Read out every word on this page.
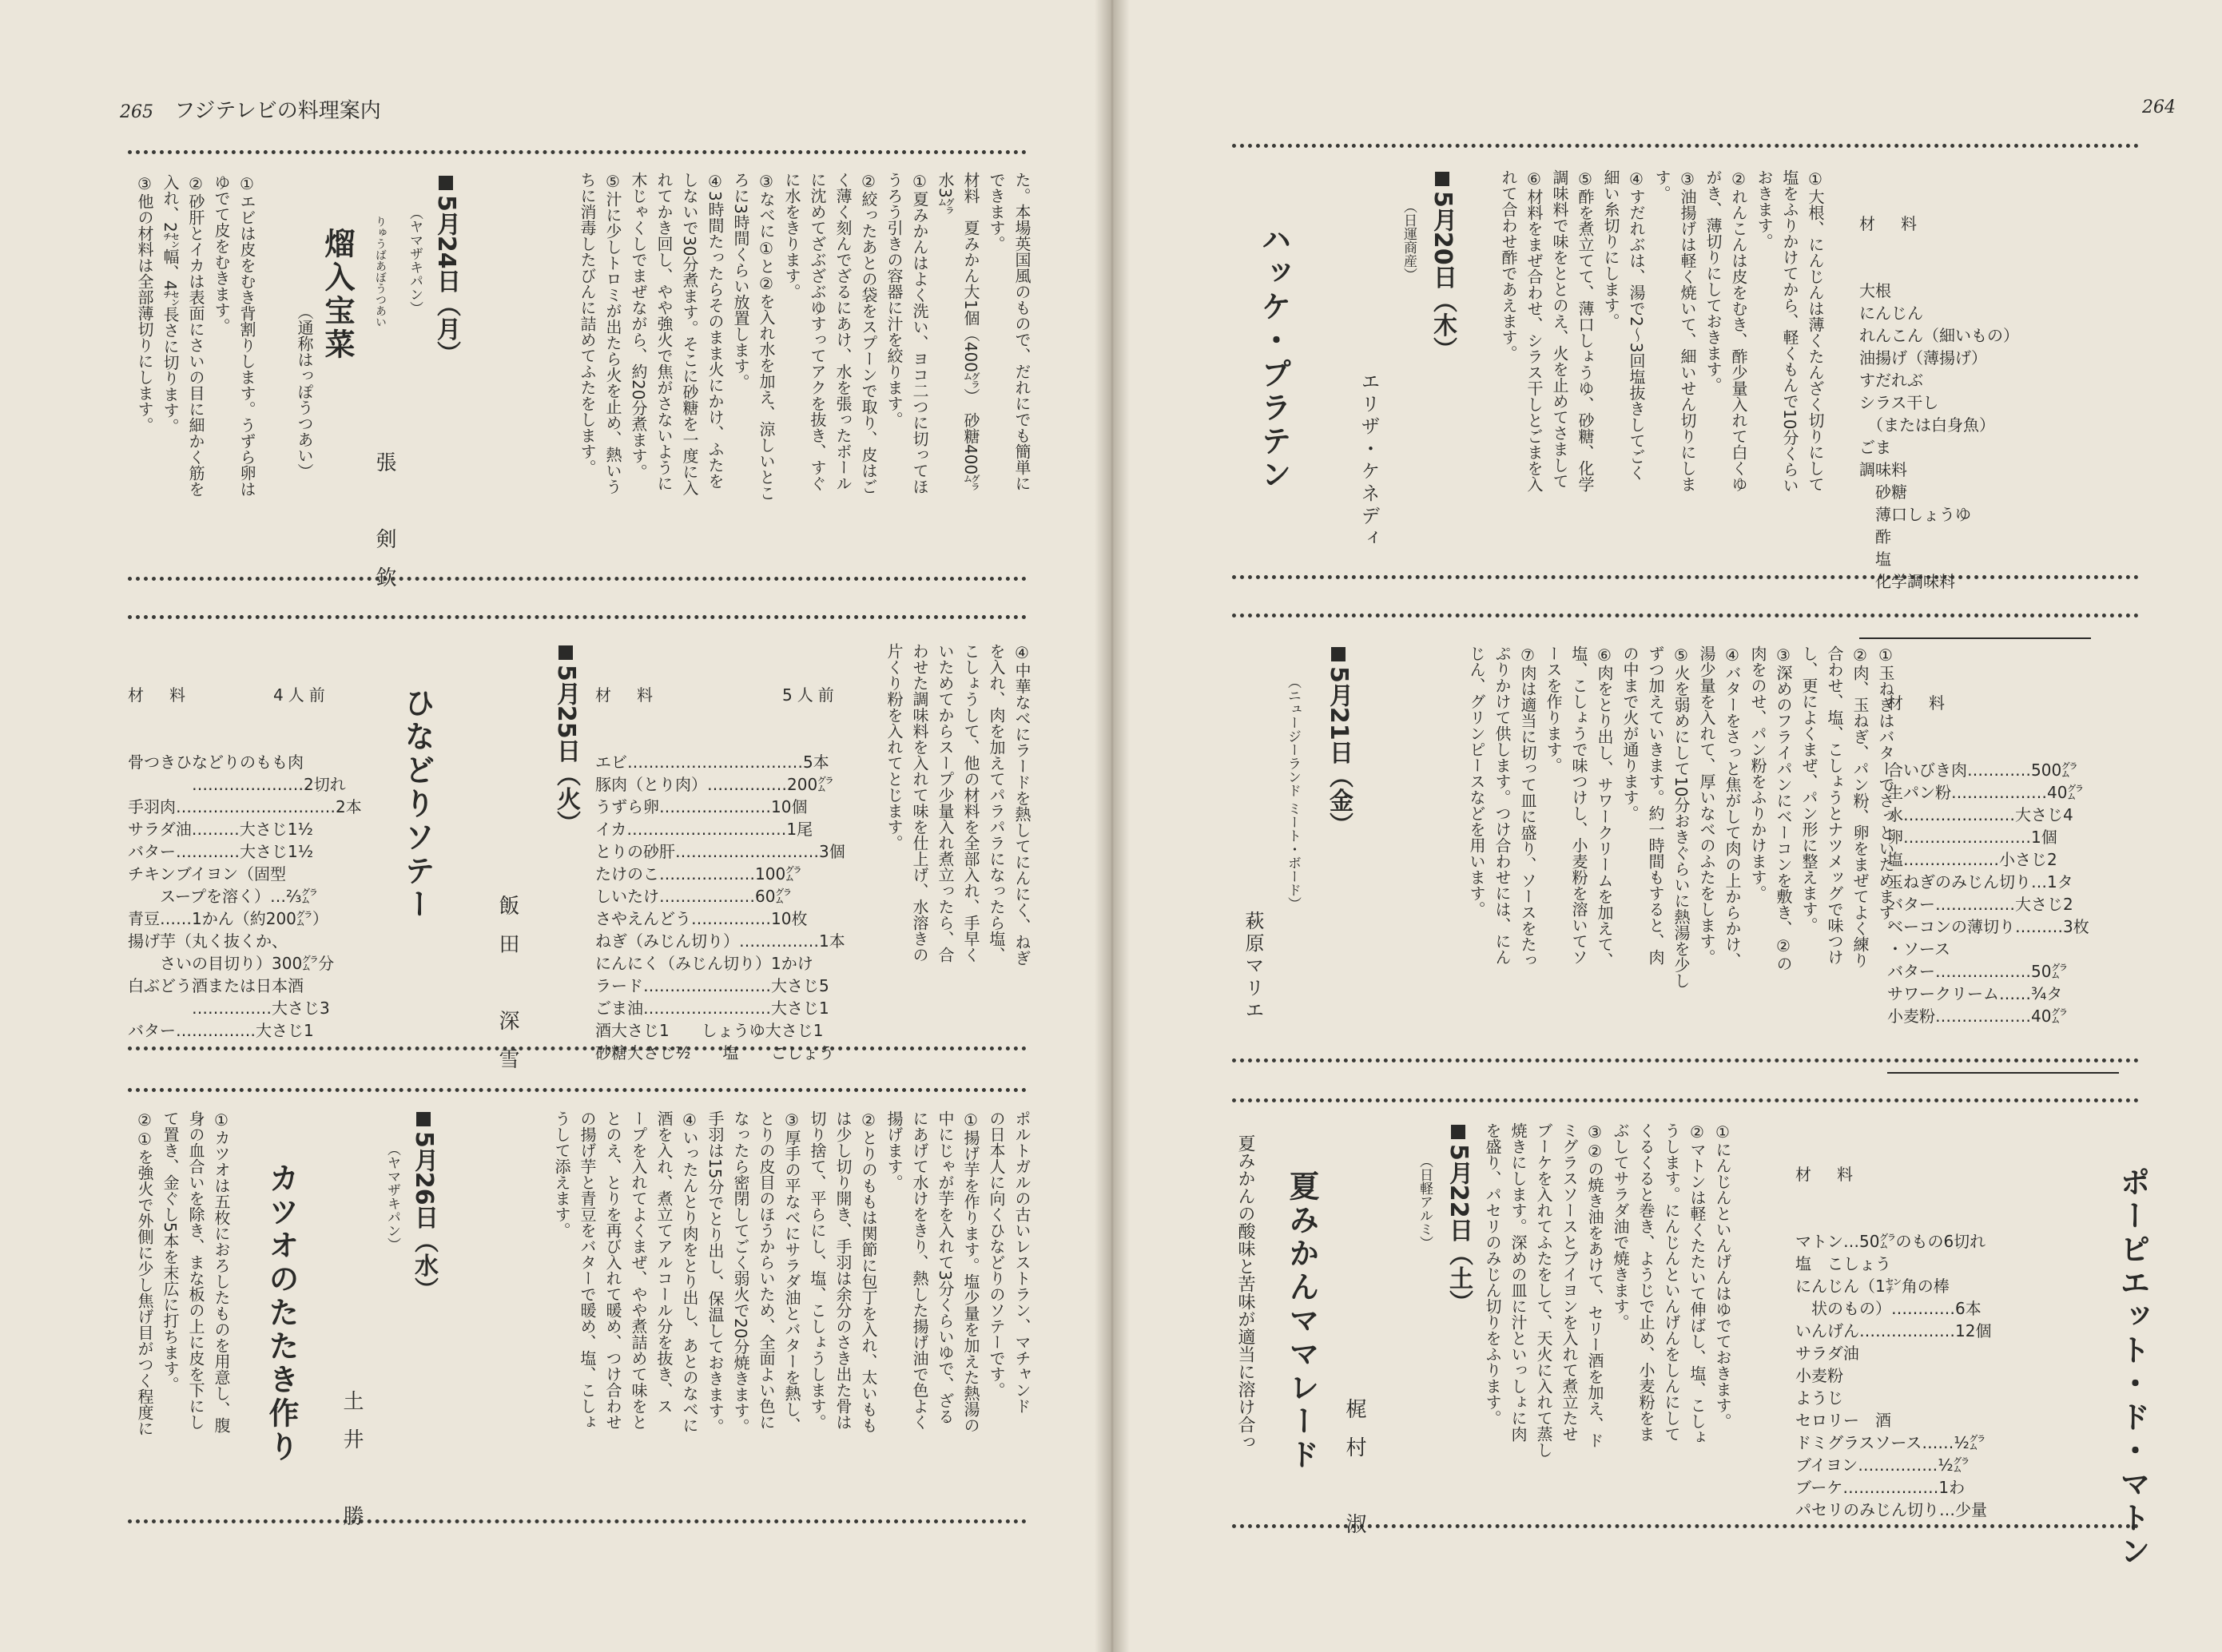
265 フジテレビの料理案内
た。本場英国風のもので、だれにでも簡単に
できます。
材料　夏みかん大1個（400㌘）　砂糖400㌘
水3㌘
①夏みかんはよく洗い、ヨコ二つに切ってほ
うろう引きの容器に汁を絞ります。
②絞ったあとの袋をスプーンで取り、皮はご
く薄く刻んでざるにあけ、水を張ったボール
に沈めてざぶざぶゆすってアクを抜き、すぐ
に水をきります。
③なべに①と②を入れ水を加え、涼しいとこ
ろに3時間くらい放置します。
④3時間たったらそのまま火にかけ、ふたを
しないで30分煮ます。そこに砂糖を一度に入
れてかき回し、やや強火で焦がさないように
木じゃくしでまぜながら、約20分煮ます。
⑤汁に少しトロミが出たら火を止め、熱いう
ちに消毒したびんに詰めてふたをします。
5月24日（月）
（ヤマザキパン）
りゅうばあぼうつあい
熘入宝菜
（通称はっぽうつあい）
張　剣欽
①エビは皮をむき背割りします。うずら卵は
ゆでて皮をむきます。
②砂肝とイカは表面にさいの目に細かく筋を
入れ、2㌢幅、4㌢長さに切ります。
③他の材料は全部薄切りにします。
④中華なべにラードを熱してにんにく、ねぎ
を入れ、肉を加えてパラパラになったら塩、
こしょうして、他の材料を全部入れ、手早く
いためてからスープ少量入れ煮立ったら、合
わせた調味料を入れて味を仕上げ、水溶きの
片くり粉を入れてとじます。

材　料　　　　　　5人前

エビ……………………………5本
豚肉（とり肉）……………200㌘
うずら卵…………………10個
イカ…………………………1尾
とりの砂肝………………………3個
たけのこ………………100㌘
しいたけ………………60㌘
さやえんどう……………10枚
ねぎ（みじん切り）……………1本
にんにく（みじん切り）1かけ
ラード……………………大さじ5
ごま油……………………大さじ1
酒大さじ1　　しょうゆ大さじ1
砂糖大さじ½　　塩　　こしょう

5月25日（火）
ひなどりソテー
飯田　深雪

材　料　　　　4人前

骨つきひなどりのもも肉
　　　　…………………2切れ
手羽肉…………………………2本
サラダ油………大さじ1½
バター…………大さじ1½
チキンブイヨン（固型
　　スープを溶く）…⅔㌘
青豆……1かん（約200㌘）
揚げ芋（丸く抜くか、
　　さいの目切り）300㌘分
白ぶどう酒または日本酒
　　　　……………大さじ3
バター……………大さじ1

ポルトガルの古いレストラン、マチャンド
の日本人に向くひなどりのソテーです。
①揚げ芋を作ります。塩少量を加えた熱湯の
中にじゃが芋を入れて3分くらいゆで、ざる
にあげて水けをきり、熱した揚げ油で色よく
揚げます。
②とりのももは関節に包丁を入れ、太いもも
は少し切り開き、手羽は余分のさき出た骨は
切り捨て、平らにし、塩、こしょうします。
③厚手の平なべにサラダ油とバターを熱し、
とりの皮目のほうからいため、全面よい色に
なったら密閉してごく弱火で20分焼きます。
手羽は15分でとり出し、保温しておきます。
④いったんとり肉をとり出し、あとのなべに
酒を入れ、煮立てアルコール分を抜き、ス
ープを入れてよくまぜ、やや煮詰めて味をと
とのえ、とりを再び入れて暖め、つけ合わせ
の揚げ芋と青豆をバターで暖め、塩、こしょ
うして添えます。
5月26日（水）
（ヤマザキパン）
カツオのたたき作り
土井　勝
①カツオは五枚におろしたものを用意し、腹
身の血合いを除き、まな板の上に皮を下にし
て置き、金ぐし5本を末広に打ちます。
②①を強火で外側に少し焦げ目がつく程度に
264

材　料

大根
にんじん
れんこん（細いもの）
油揚げ（薄揚げ）
すだれぶ
シラス干し
　（または白身魚）
ごま
調味料
　砂糖
　薄口しょうゆ
　酢
　塩
　化学調味料

①大根、にんじんは薄くたんざく切りにして
塩をふりかけてから、軽くもんで10分くらい
おきます。
②れんこんは皮をむき、酢少量入れて白くゆ
がき、薄切りにしておきます。
③油揚げは軽く焼いて、細いせん切りにしま
す。
④すだれぶは、湯で2〜3回塩抜きしてごく
細い糸切りにします。
⑤酢を煮立てて、薄口しょうゆ、砂糖、化学
調味料で味をととのえ、火を止めてさまして
⑥材料をまぜ合わせ、シラス干しとごまを入
れて合わせ酢であえます。
5月20日（木）
（日運商産）
ハッケ・プラテン	エリザ・ケネディ

材　料

合いびき肉…………500㌘
生パン粉………………40㌘
水…………………大さじ4
卵……………………1個
塩………………小さじ2
玉ねぎのみじん切り…1タ
バター……………大さじ2
ベーコンの薄切り………3枚
・ソース
バター………………50㌘
サワークリーム……¾タ
小麦粉………………40㌘

①玉ねぎはバターでさっといためます。
②肉、玉ねぎ、パン粉、卵をまぜてよく練り
合わせ、塩、こしょうとナツメッグで味つけ
し、更によくまぜ、パン形に整えます。
③深めのフライパンにベーコンを敷き、②の
肉をのせ、パン粉をふりかけます。
④バターをさっと焦がして肉の上からかけ、
湯少量を入れて、厚いなべのふたをします。
⑤火を弱めにして10分おきぐらいに熱湯を少し
ずつ加えていきます。約一時間もすると、肉
の中まで火が通ります。
⑥肉をとり出し、サワークリームを加えて、
塩、こしょうで味つけし、小麦粉を溶いてソ
ースを作ります。
⑦肉は適当に切って皿に盛り、ソースをたっ
ぷりかけて供します。つけ合わせには、にん
じん、グリンピースなどを用います。
5月21日（金）
（ニュージーランド ミート・ボード）
萩原マリエ
ポーピエット・ド・マトン

材　料

マトン…50㌘のもの6切れ
塩　こしょう
にんじん（1㌢角の棒
　状のもの）…………6本
いんげん………………12個
サラダ油
小麦粉
ようじ
セロリー　酒
ドミグラスソース……½㌘
ブイヨン……………½㌘
ブーケ………………1わ
パセリのみじん切り…少量

①にんじんといんげんはゆでておきます。
②マトンは軽くたたいて伸ばし、塩、こしょ
うします。にんじんといんげんをしんにして
くるくると巻き、ようじで止め、小麦粉をま
ぶしてサラダ油で焼きます。
③②の焼き油をあけて、セリー酒を加え、ド
ミグラスソースとブイヨンを入れて煮立たせ
ブーケを入れてふたをして、天火に入れて蒸し
焼きにします。深めの皿に汁といっしょに肉
を盛り、パセリのみじん切りをふります。
5月22日（土）
（日軽アルミ）
梶村　淑
夏みかんママレード
夏みかんの酸味と苦味が適当に溶け合っ
